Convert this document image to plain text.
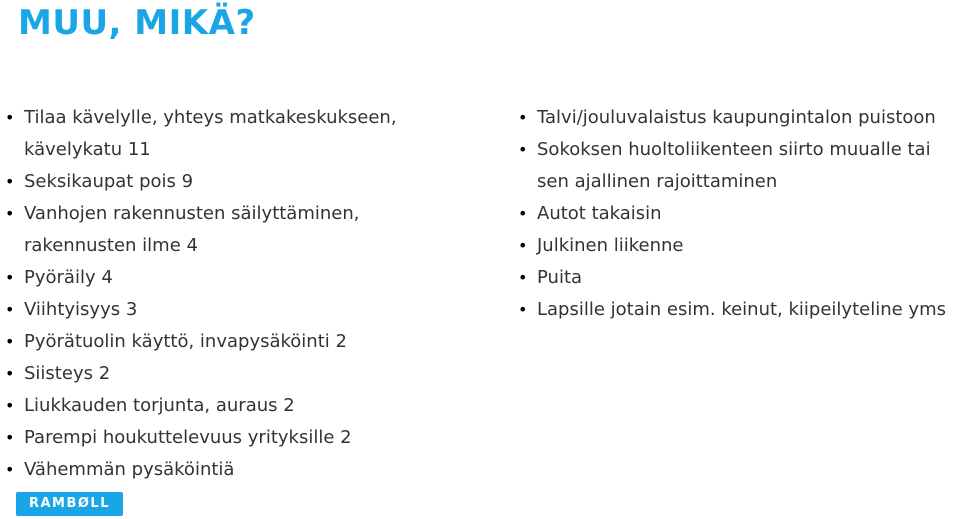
MUU, MIKÄ?
• Tilaa kävelylle, yhteys matkakeskukseen, kävelykatu 11
• Seksikaupat pois 9
• Vanhojen rakennusten säilyttäminen, rakennusten ilme 4
• Pyöräily 4
• Viihtyisyys 3
• Pyörätuolin käyttö, invapysäköinti 2
• Siisteys 2
• Liukkauden torjunta, auraus 2
• Parempi houkuttelevuus yrityksille 2
• Vähemmän pysäköintiä
• Talvi/jouluvalaistus kaupungintalon puistoon
• Sokoksen huoltoliikenteen siirto muualle tai sen ajallinen rajoittaminen
• Autot takaisin
• Julkinen liikenne
• Puita
• Lapsille jotain esim. keinut, kiipeilyteline yms
RAMBØLL
